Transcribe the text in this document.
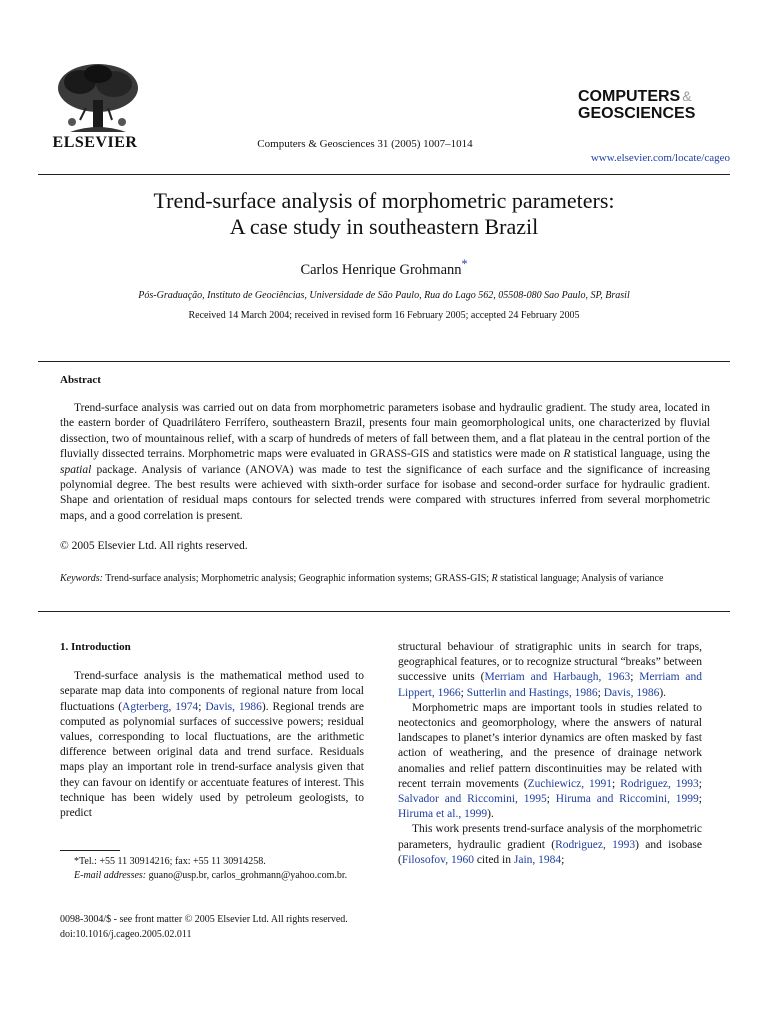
ELSEVIER	Computers & Geosciences 31 (2005) 1007–1014
COMPUTERS &
GEOSCIENCES
www.elsevier.com/locate/cageo
Trend-surface analysis of morphometric parameters:
A case study in southeastern Brazil
Carlos Henrique Grohmann*
Pós-Graduação, Instituto de Geociências, Universidade de São Paulo, Rua do Lago 562, 05508-080 Sao Paulo, SP, Brasil
Received 14 March 2004; received in revised form 16 February 2005; accepted 24 February 2005
Abstract
Trend-surface analysis was carried out on data from morphometric parameters isobase and hydraulic gradient. The study area, located in the eastern border of Quadrilátero Ferrífero, southeastern Brazil, presents four main geomorphological units, one characterized by fluvial dissection, two of mountainous relief, with a scarp of hundreds of meters of fall between them, and a flat plateau in the central portion of the fluvially dissected terrains. Morphometric maps were evaluated in GRASS-GIS and statistics were made on R statistical language, using the spatial package. Analysis of variance (ANOVA) was made to test the significance of each surface and the significance of increasing polynomial degree. The best results were achieved with sixth-order surface for isobase and second-order surface for hydraulic gradient. Shape and orientation of residual maps contours for selected trends were compared with structures inferred from several morphometric maps, and a good correlation is present.
© 2005 Elsevier Ltd. All rights reserved.
Keywords: Trend-surface analysis; Morphometric analysis; Geographic information systems; GRASS-GIS; R statistical language; Analysis of variance
1. Introduction

Trend-surface analysis is the mathematical method used to separate map data into components of regional nature from local fluctuations (Agterberg, 1974; Davis, 1986). Regional trends are computed as polynomial surfaces of successive powers; residual values, corresponding to local fluctuations, are the arithmetic difference between original data and trend surface. Residuals maps play an important role in trend-surface analysis given that they can favour on identify or accentuate features of interest. This technique has been widely used by petroleum geologists, to predict

*Tel.: +55 11 30914216; fax: +55 11 30914258.
E-mail addresses: guano@usp.br, carlos_grohmann@yahoo.com.br.
0098-3004/$ - see front matter © 2005 Elsevier Ltd. All rights reserved.
doi:10.1016/j.cageo.2005.02.011

structural behaviour of stratigraphic units in search for traps, geographical features, or to recognize structural “breaks” between successive units (Merriam and Harbaugh, 1963; Merriam and Lippert, 1966; Sutterlin and Hastings, 1986; Davis, 1986).

Morphometric maps are important tools in studies related to neotectonics and geomorphology, where the answers of natural landscapes to planet’s interior dynamics are often masked by fast action of weathering, and the presence of drainage network anomalies and relief pattern discontinuities may be related with recent terrain movements (Zuchiewicz, 1991; Rodriguez, 1993; Salvador and Riccomini, 1995; Hiruma and Riccomini, 1999; Hiruma et al., 1999).

This work presents trend-surface analysis of the morphometric parameters, hydraulic gradient (Rodriguez, 1993) and isobase (Filosofov, 1960 cited in Jain, 1984;
